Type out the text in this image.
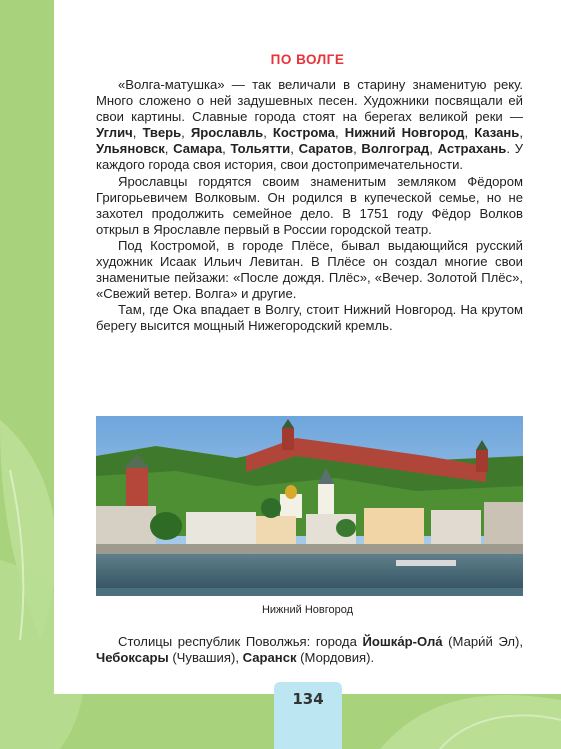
ПО ВОЛГЕ

«Волга-матушка» — так величали в старину знаменитую реку. Много сложено о ней задушевных песен. Художники посвящали ей свои картины. Славные города стоят на берегах великой реки — Углич, Тверь, Ярославль, Кострома, Нижний Новгород, Казань, Ульяновск, Самара, Тольятти, Саратов, Волгоград, Астрахань. У каждого города своя история, свои достопримечательности.

Ярославцы гордятся своим знаменитым земляком Фёдором Григорьевичем Волковым. Он родился в купеческой семье, но не захотел продолжить семейное дело. В 1751 году Фёдор Волков открыл в Ярославле первый в России городской театр.

Под Костромой, в городе Плёсе, бывал выдающийся русский художник Исаак Ильич Левитан. В Плёсе он создал многие свои знаменитые пейзажи: «После дождя. Плёс», «Вечер. Золотой Плёс», «Свежий ветер. Волга» и другие.

Там, где Ока впадает в Волгу, стоит Нижний Новгород. На крутом берегу высится мощный Нижегородский кремль.

Нижний Новгород

Столицы республик Поволжья: города Йошка́р-Ола́ (Мари́й Эл), Чебоксары (Чувашия), Саранск (Мордовия).

134
